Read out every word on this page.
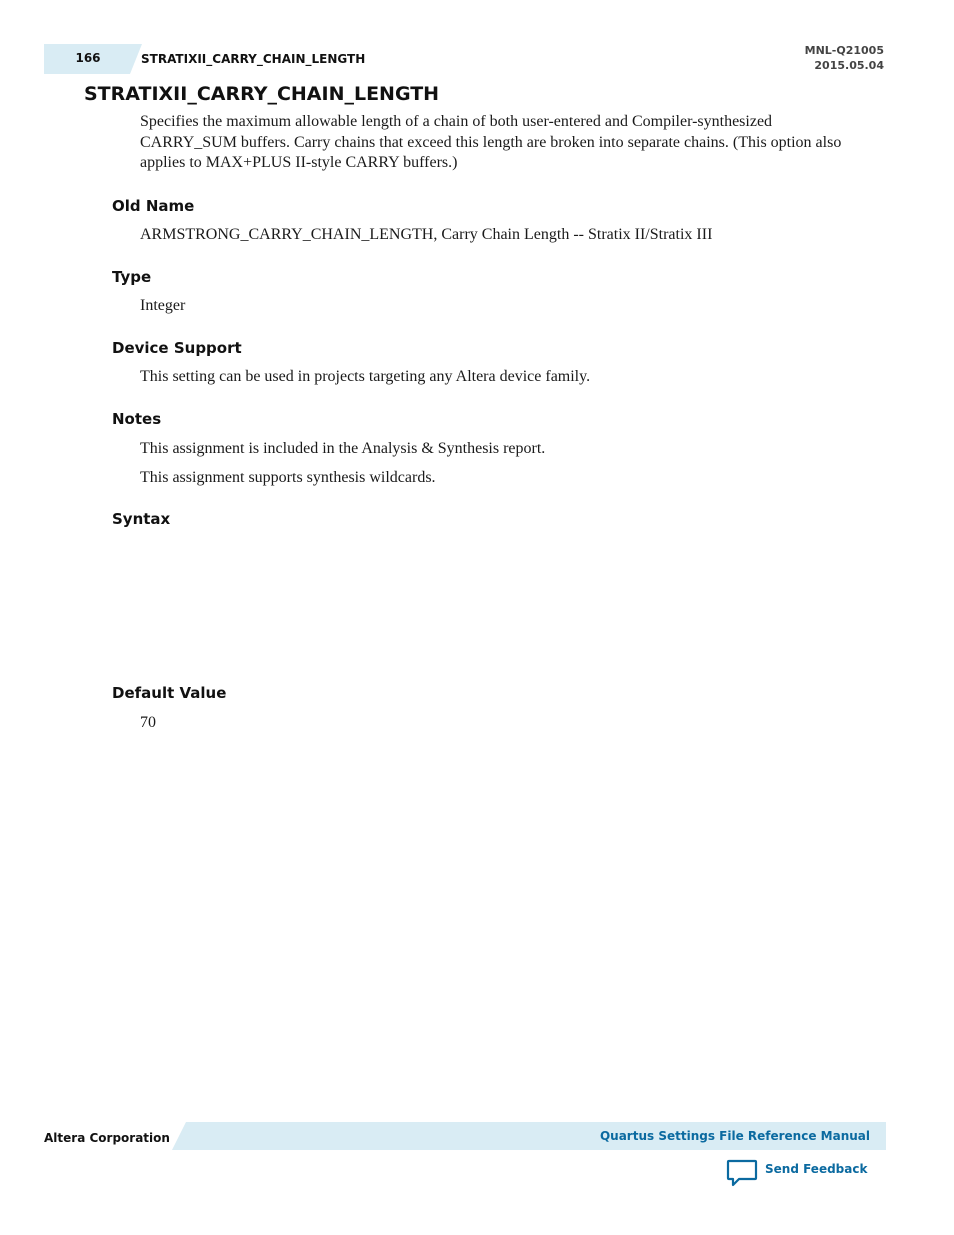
166	STRATIXII_CARRY_CHAIN_LENGTH
MNL-Q21005
2015.05.04
STRATIXII_CARRY_CHAIN_LENGTH
Specifies the maximum allowable length of a chain of both user-entered and Compiler-synthesized CARRY_SUM buffers. Carry chains that exceed this length are broken into separate chains. (This option also applies to MAX+PLUS II-style CARRY buffers.)
Old Name
ARMSTRONG_CARRY_CHAIN_LENGTH, Carry Chain Length -- Stratix II/Stratix III
Type
Integer
Device Support
This setting can be used in projects targeting any Altera device family.
Notes
This assignment is included in the Analysis & Synthesis report.
This assignment supports synthesis wildcards.
Syntax
Default Value
70
Altera Corporation	Quartus Settings File Reference Manual
Send Feedback
